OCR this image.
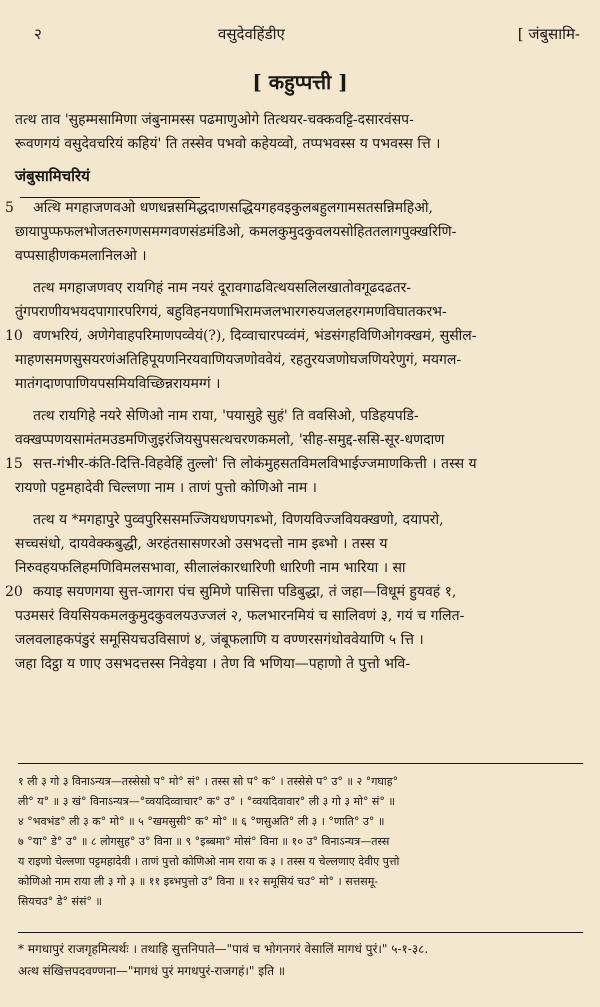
२	वसुदेवहिंडीए	[ जंबुसामि-
[ कहुप्पत्ती ]
तत्थ ताव 'सुहम्मसामिणा जंबुनामस्स पढमाणुओगे तित्थयर-चक्कवट्टि-दसारवंसप-
रूवणगयं वसुदेवचरियं कहियं' ति तस्सेव पभवो कहेयव्वो, तप्पभवस्स य पभवस्स त्ति ।
जंबुसामिचरियं
5 अत्थि मगहाजणवओ धणधन्नसमिद्धदाणसद्धियगहवइकुलबहुलगामसतसन्निमहिओ,
छायापुप्फफलभोजतरुगणसमग्गवणसंडमंडिओ, कमलकुमुदकुवलयसोहिततलागपुक्खरिणि-
वप्पसाहीणकमलानिलओ ।
तत्थ मगहाजणवए रायगिहं नाम नयरं दूरावगाढवित्थयसलिलखातोवगूढदढतर-
तुंगपराणीयभयदपागारपरिगयं, बहुविहनयणाभिरामजलभारगरुयजलहरगमणविघातकरभ-
10 वणभरियं, अणेगेवाहपरिमाणपव्वेयं(?), दिव्वाचारपव्वंमं, भंडसंगहविणिओगक्खमं, सुसील-
माहणसमणसुसयरणंअतिहिपूयणनिरयवाणियजणोववेयं, रहतुरयजणोघजणियरेणुगं, मयगल-
मातंगदाणपाणियपसमियविच्छिन्नरायमग्गं ।
तत्थ रायगिहे नयरे सेणिओ नाम राया, 'पयासुहे सुहं' ति ववसिओ, पडिहयपडि-
वक्खप्पणयसामंतमउडमणिजुइरंजियसुपसत्थचरणकमलो, 'सीह-समुद्द-ससि-सूर-धणदाण
15 सत्त-गंभीर-कंति-दित्ति-विहवेहिं तुल्लो' त्ति लोकंमुहसतविमलविभाईज्जमाणकित्ती । तस्स य
रायणो पट्टमहादेवी चिल्लणा नाम । ताणं पुत्तो कोणिओ नाम ।
तत्थ य *मगहापुरे पुव्वपुरिससमज्जियधणपगब्भो, विणयविज्जवियक्खणो, दयापरो,
सच्चसंधो, दायवेक्कबुद्धी, अरहंतसासणरओ उसभदत्तो नाम इब्भो । तस्स य
निरुवहयफलिहमणिविमलसभावा, सीलालंकारधारिणी धारिणी नाम भारिया । सा
20 कयाइ सयणगया सुत्त-जागरा पंच सुमिणे पासित्ता पडिबुद्धा, तं जहा—विधूमं हुयवहं १,
पउमसरं वियसियकमलकुमुदकुवलयउज्जलं २, फलभारनमियं च सालिवणं ३, गयं च गलित-
जलवलाहकपंडुरं समूसियचउविसाणं ४, जंबूफलाणि य वण्णरसगंधोववेयाणि ५ त्ति ।
जहा दिट्ठा य णाए उसभदत्तस्स निवेइया । तेण वि भणिया—पहाणो ते पुत्तो भवि-
१ ली ३ गो ३ विनाऽन्यत्र—तस्सेसो प° मो° सं° । तस्स सो प° क° । तस्सेसे प° उ° ॥ २ °गघाह°
ली° य° ॥ ३ खं° विनाऽन्यत्र—°व्वयदिव्वाचार° क° उ° । °व्वयदिवावार° ली ३ गो ३ मो° सं° ॥
४ °भवभंड° ली ३ क° मो° ॥ ५ °खमसुसी° क° मो° ॥ ६ °णसुअति° ली ३ । °णाति° उ° ॥
७ °या° डे° उ° ॥ ८ लोगसुह° उ° विना ॥ ९ °इब्बमा° मोसं° विना ॥ १० उ° विनाऽन्यत्र—तस्स
य राइणो चेल्लणा पट्टमहादेवी । ताणं पुत्तो कोणिओ नाम राया क ३ । तस्स य चेल्लणाए देवीए पुत्तो
कोणिओ नाम राया ली ३ गो ३ ॥ ११ इब्भपुत्तो उ° विना ॥ १२ समूसियं चउ° मो° । सत्तसमू-
सियचउ° डे° संसं° ॥
* मगधापुरं राजगृहमित्यर्थः । तथाहि सुत्तनिपाते—"पावं च भोगनगरं वेसालिं मागधं पुरं।" ५-१-३८.
अत्थ संखित्तपदवण्णना—"मागधं पुरं मगधपुरं-राजगहं।" इति ॥
